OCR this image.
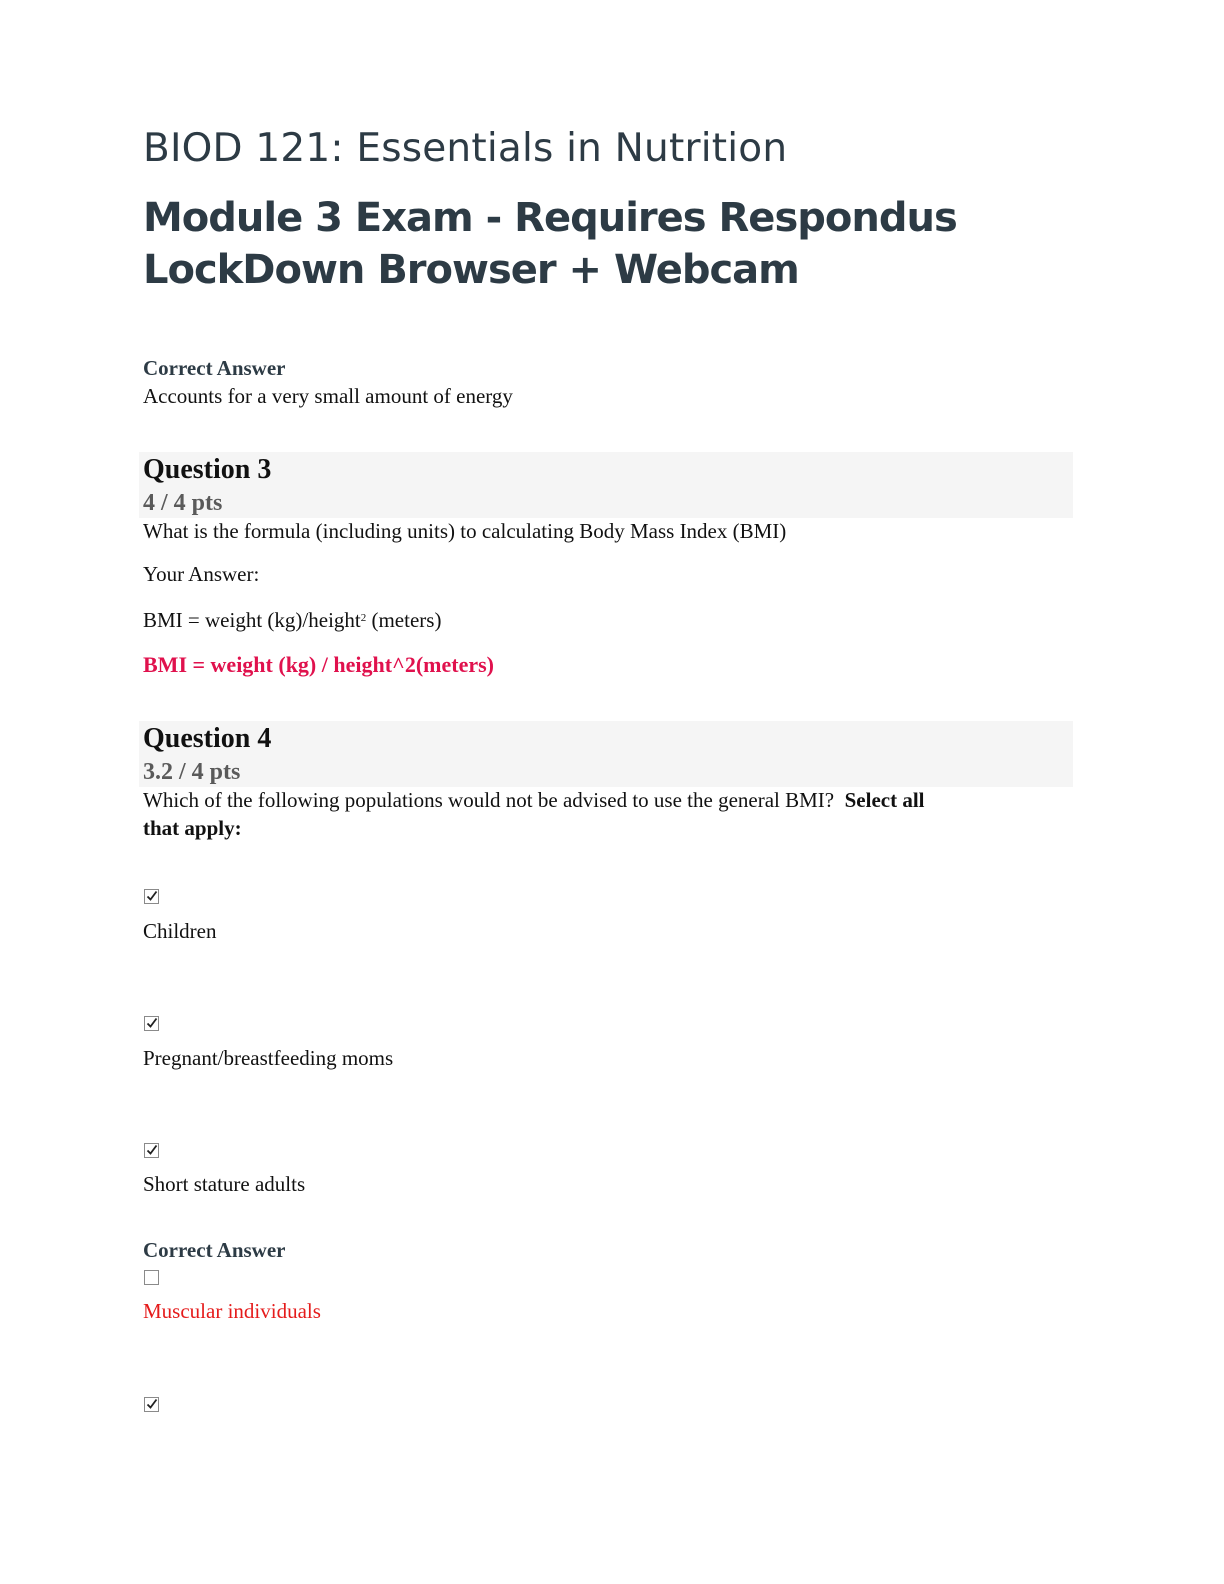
BIOD 121: Essentials in Nutrition
Module 3 Exam - Requires Respondus LockDown Browser + Webcam
Correct Answer
Accounts for a very small amount of energy
Question 3
4 / 4 pts
What is the formula (including units) to calculating Body Mass Index (BMI)
Your Answer:
BMI = weight (kg)/height$^2$ (meters)
BMI = weight (kg) / height^2(meters)
Question 4
3.2 / 4 pts
Which of the following populations would not be advised to use the general BMI? Select all
that apply:
Children
Pregnant/breastfeeding moms
Short stature adults
Correct Answer
Muscular individuals
